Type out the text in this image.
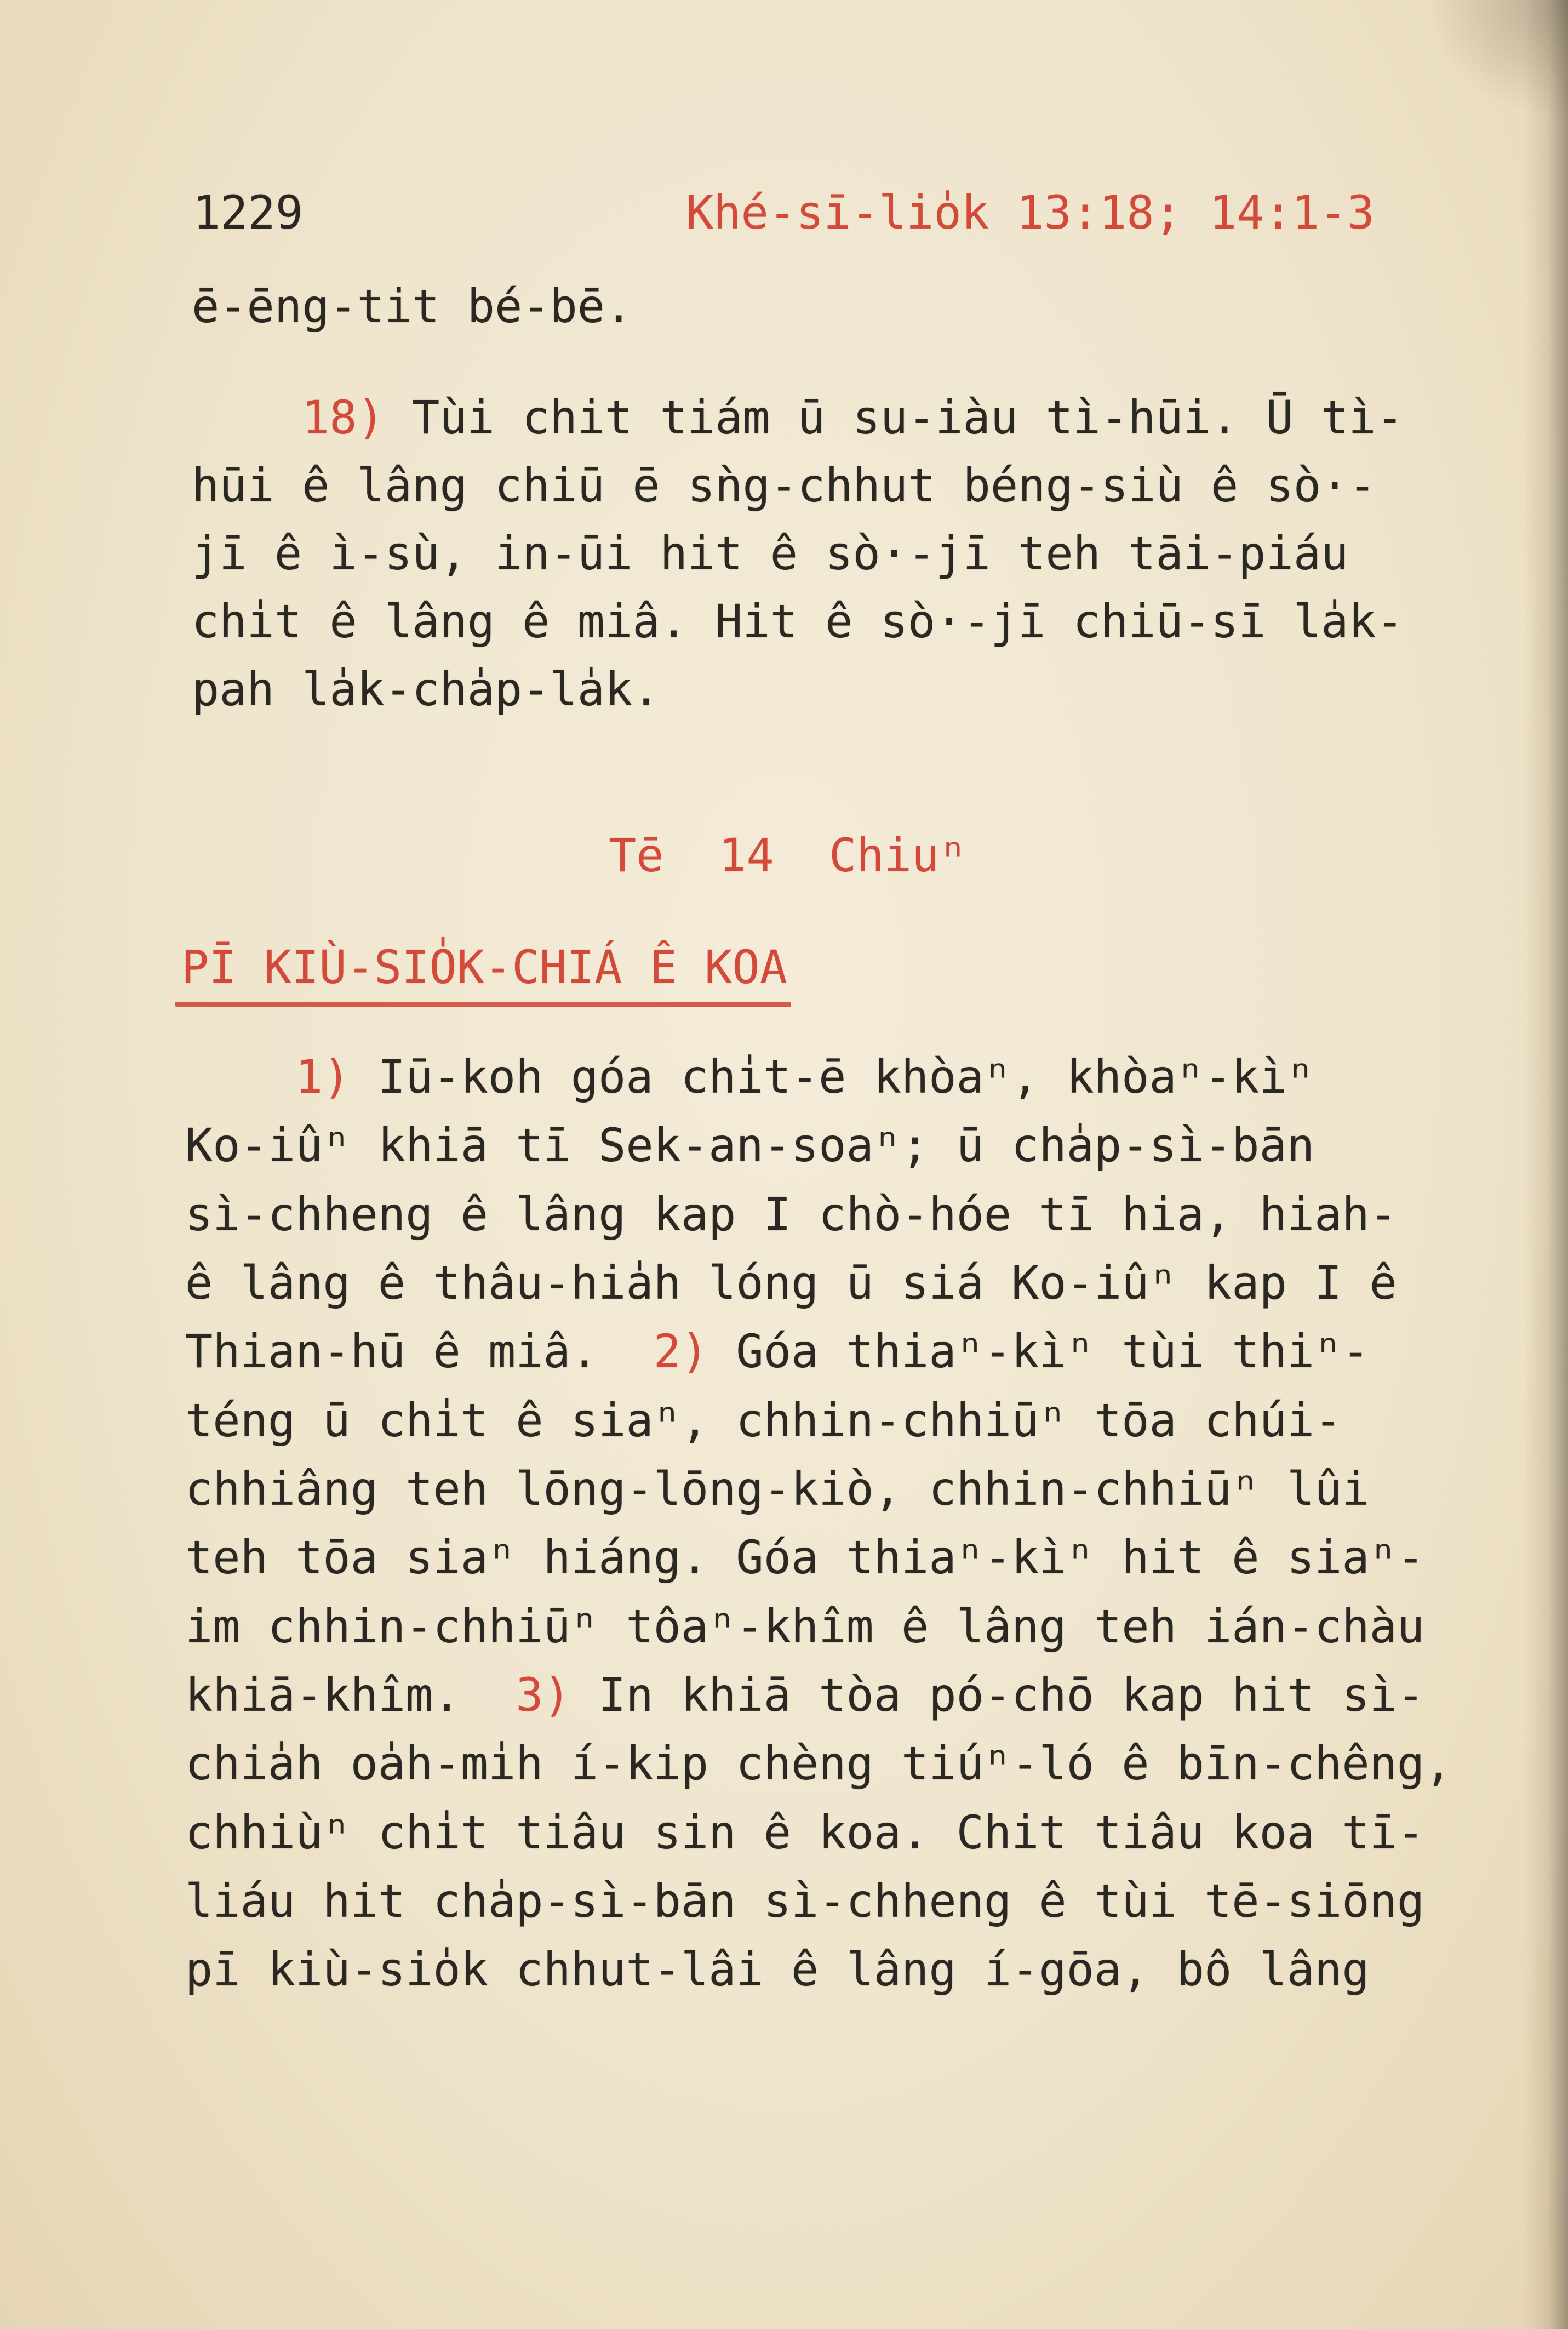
1229	Khé-sī-lio̍k 13:18; 14:1-3
ē-ēng-tit bé-bē.
18) Tùi chit tiám ū su-iàu tì-hūi. Ū tì-
hūi ê lâng chiū ē sǹg-chhut béng-siù ê sò·-
jī ê ì-sù, in-ūi hit ê sò·-jī teh tāi-piáu
chi̍t ê lâng ê miâ. Hit ê sò·-jī chiū-sī la̍k-
pah la̍k-cha̍p-la̍k.
Tē 14 Chiuⁿ
PĪ KIÙ-SIO̍K-CHIÁ Ê KOA
1) Iū-koh góa chi̍t-ē khòaⁿ, khòaⁿ-kìⁿ
Ko-iûⁿ khiā tī Sek-an-soaⁿ; ū cha̍p-sì-bān
sì-chheng ê lâng kap I chò-hóe tī hia, hiah-
ê lâng ê thâu-hia̍h lóng ū siá Ko-iûⁿ kap I ê
Thian-hū ê miâ. 2) Góa thiaⁿ-kìⁿ tùi thiⁿ-
téng ū chi̍t ê siaⁿ, chhin-chhiūⁿ tōa chúi-
chhiâng teh lōng-lōng-kiò, chhin-chhiūⁿ lûi
teh tōa siaⁿ hiáng. Góa thiaⁿ-kìⁿ hit ê siaⁿ-
im chhin-chhiūⁿ tôaⁿ-khîm ê lâng teh ián-chàu
khiā-khîm. 3) In khiā tòa pó-chō kap hit sì-
chia̍h oa̍h-mi̍h í-kip chèng tiúⁿ-ló ê bīn-chêng,
chhiùⁿ chi̍t tiâu sin ê koa. Chit tiâu koa tī-
liáu hit cha̍p-sì-bān sì-chheng ê tùi tē-siōng
pī kiù-sio̍k chhut-lâi ê lâng í-gōa, bô lâng
